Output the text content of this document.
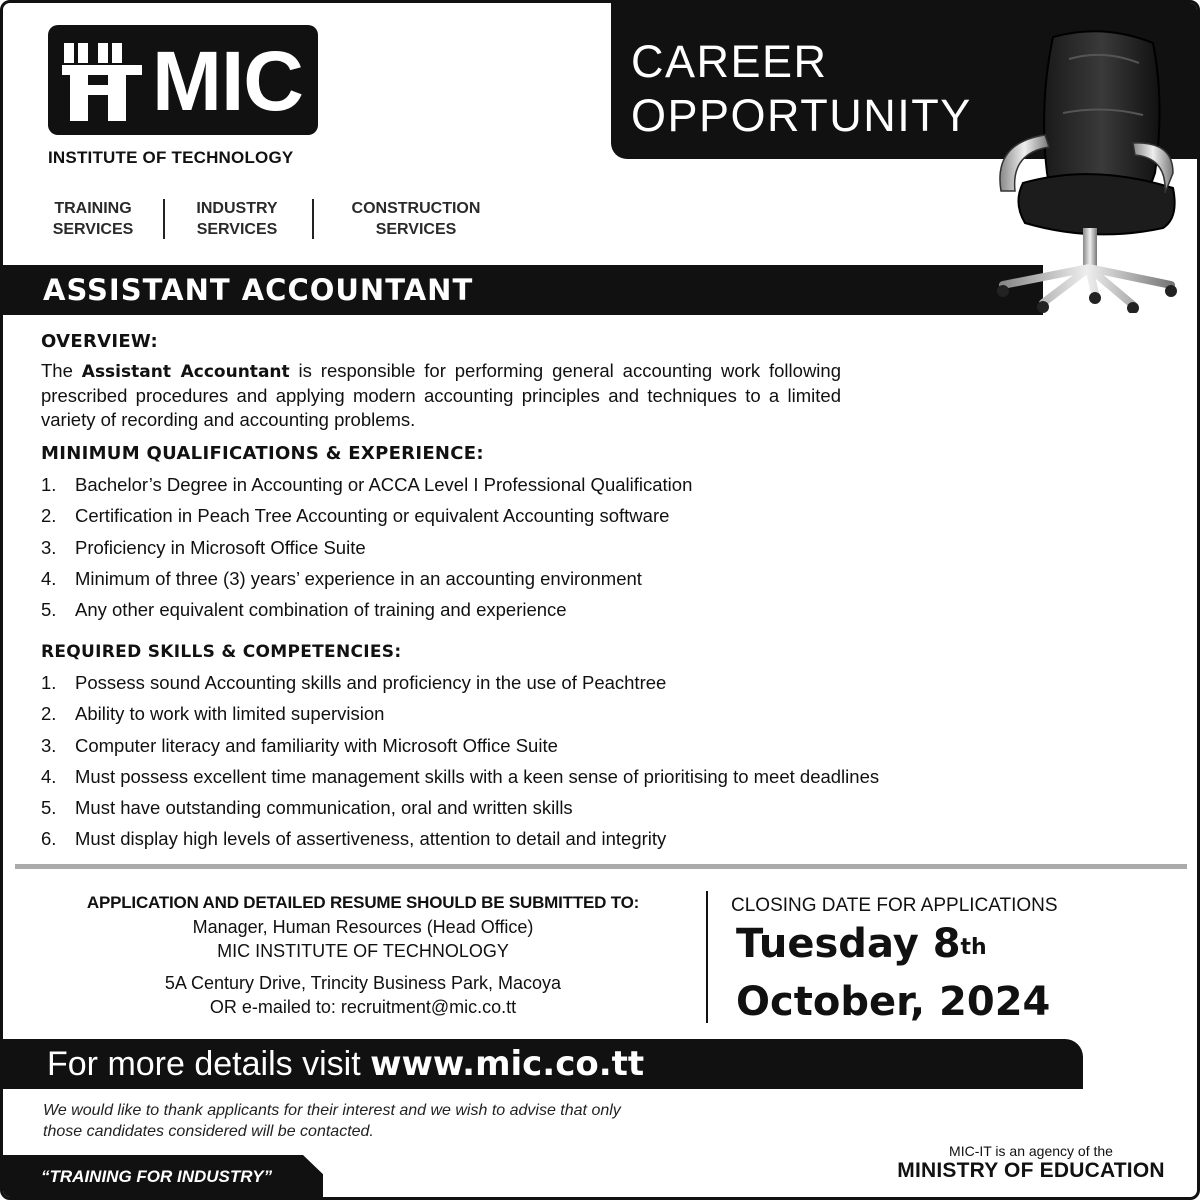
MIC
INSTITUTE OF TECHNOLOGY
TRAINING
SERVICES
INDUSTRY
SERVICES
CONSTRUCTION
SERVICES
CAREER
OPPORTUNITY
ASSISTANT ACCOUNTANT
OVERVIEW:
The Assistant Accountant is responsible for performing general accounting work following prescribed procedures and applying modern accounting principles and techniques to a limited variety of recording and accounting problems.
MINIMUM QUALIFICATIONS & EXPERIENCE:
1.	Bachelor’s Degree in Accounting or ACCA Level I Professional Qualification
2.	Certification in Peach Tree Accounting or equivalent Accounting software
3.	Proficiency in Microsoft Office Suite
4.	Minimum of three (3) years’ experience in an accounting environment
5.	Any other equivalent combination of training and experience
REQUIRED SKILLS & COMPETENCIES:
1.	Possess sound Accounting skills and proficiency in the use of Peachtree
2.	Ability to work with limited supervision
3.	Computer literacy and familiarity with Microsoft Office Suite
4.	Must possess excellent time management skills with a keen sense of prioritising to meet deadlines
5.	Must have outstanding communication, oral and written skills
6.	Must display high levels of assertiveness, attention to detail and integrity
APPLICATION AND DETAILED RESUME SHOULD BE SUBMITTED TO:
Manager, Human Resources (Head Office)
MIC INSTITUTE OF TECHNOLOGY
5A Century Drive, Trincity Business Park, Macoya
OR e-mailed to: recruitment@mic.co.tt
CLOSING DATE FOR APPLICATIONS
Tuesday 8th
October, 2024
For more details visit www.mic.co.tt
We would like to thank applicants for their interest and we wish to advise that only those candidates considered will be contacted.
“TRAINING FOR INDUSTRY”
MIC-IT is an agency of the
MINISTRY OF EDUCATION
